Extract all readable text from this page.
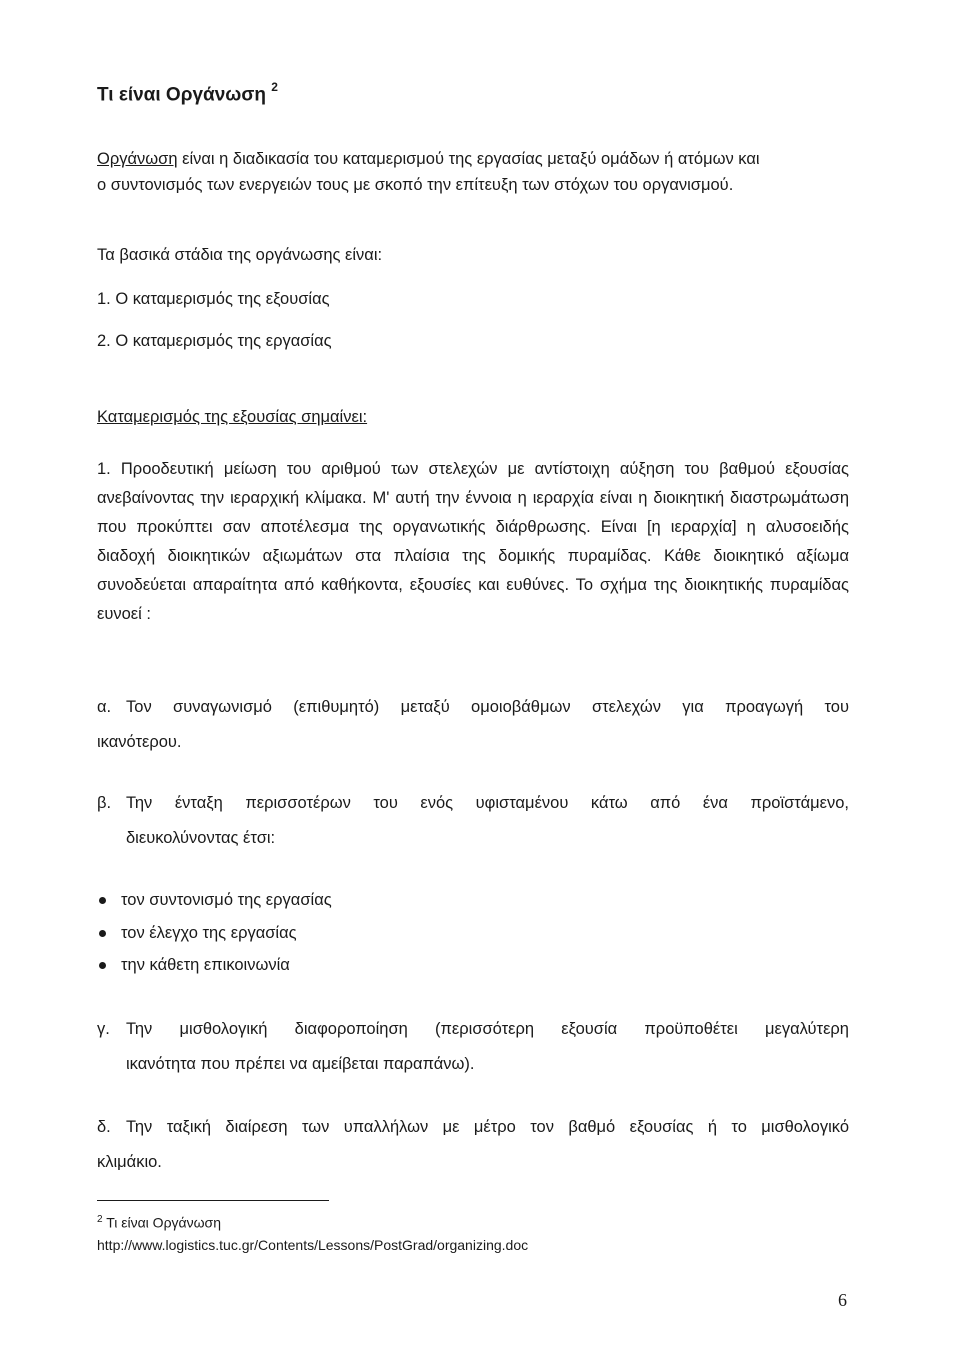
Τι είναι Οργάνωση $^2$

Οργάνωση είναι η διαδικασία του καταμερισμού της εργασίας μεταξύ ομάδων ή ατόμων και
ο συντονισμός των ενεργειών τους με σκοπό την επίτευξη των στόχων του οργανισμού.

Τα βασικά στάδια της οργάνωσης είναι:

1. Ο καταμερισμός της εξουσίας

2. Ο καταμερισμός της εργασίας

Καταμερισμός της εξουσίας σημαίνει:

1. Προοδευτική μείωση του αριθμού των στελεχών με αντίστοιχη αύξηση του βαθμού εξουσίας ανεβαίνοντας την ιεραρχική κλίμακα. Μ' αυτή την έννοια η ιεραρχία είναι η διοικητική διαστρωμάτωση που προκύπτει σαν αποτέλεσμα της οργανωτικής διάρθρωσης. Είναι [η ιεραρχία] η αλυσοειδής διαδοχή διοικητικών αξιωμάτων στα πλαίσια της δομικής πυραμίδας. Κάθε διοικητικό αξίωμα συνοδεύεται απαραίτητα από καθήκοντα, εξουσίες και ευθύνες. Το σχήμα της διοικητικής πυραμίδας ευνοεί :

α. Τον συναγωνισμό (επιθυμητό) μεταξύ ομοιοβάθμων στελεχών για προαγωγή του
ικανότερου.
β. Την ένταξη περισσοτέρων του ενός υφισταμένου κάτω από ένα προϊστάμενο,
διευκολύνοντας έτσι:
τον συντονισμό της εργασίας
τον έλεγχο της εργασίας
την κάθετη επικοινωνία
γ. Την μισθολογική διαφοροποίηση (περισσότερη εξουσία προϋποθέτει μεγαλύτερη
ικανότητα που πρέπει να αμείβεται παραπάνω).
δ. Την ταξική διαίρεση των υπαλλήλων με μέτρο τον βαθμό εξουσίας ή το μισθολογικό
κλιμάκιο.
$^2$ Τι είναι Οργάνωση
http://www.logistics.tuc.gr/Contents/Lessons/PostGrad/organizing.doc
6
